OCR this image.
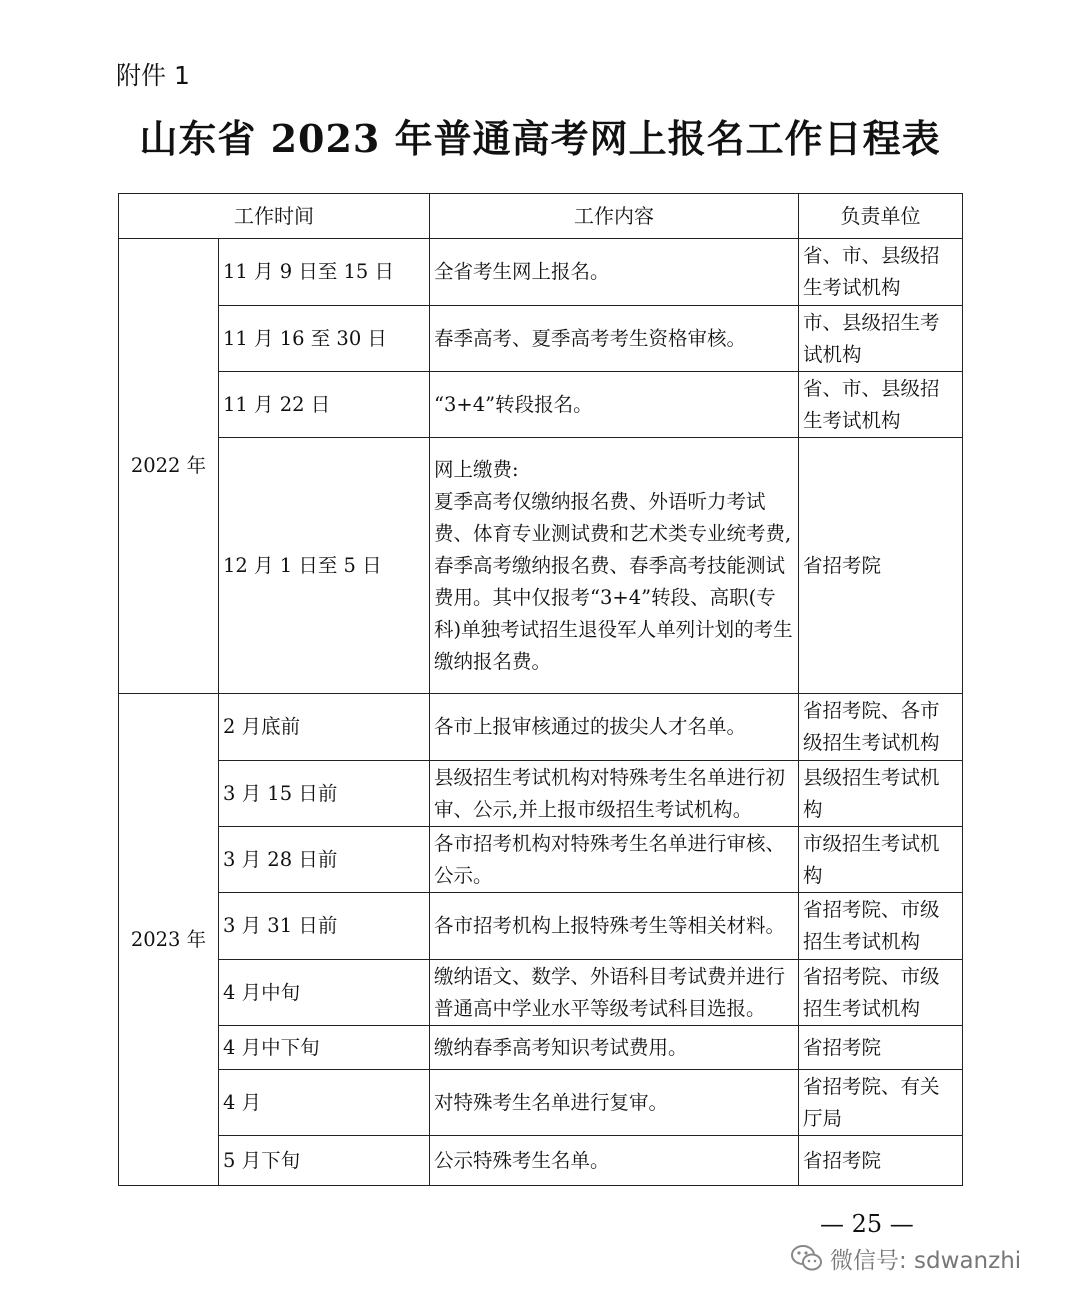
附件 1
山东省 2023 年普通高考网上报名工作日程表
工作时间		工作内容	负责单位
2022 年	11 月 9 日至 15 日	全省考生网上报名。	省、市、县级招生考试机构
	11 月 16 至 30 日	春季高考、夏季高考考生资格审核。	市、县级招生考试机构
	11 月 22 日	“3+4”转段报名。	省、市、县级招生考试机构
	12 月 1 日至 5 日	网上缴费:
夏季高考仅缴纳报名费、外语听力考试费、体育专业测试费和艺术类专业统考费,
春季高考缴纳报名费、春季高考技能测试费用。其中仅报考“3+4”转段、高职(专科)单独考试招生退役军人单列计划的考生缴纳报名费。	省招考院
2023 年	2 月底前	各市上报审核通过的拔尖人才名单。	省招考院、各市级招生考试机构
	3 月 15 日前	县级招生考试机构对特殊考生名单进行初审、公示,并上报市级招生考试机构。	县级招生考试机构
	3 月 28 日前	各市招考机构对特殊考生名单进行审核、公示。	市级招生考试机构
	3 月 31 日前	各市招考机构上报特殊考生等相关材料。	省招考院、市级招生考试机构
	4 月中旬	缴纳语文、数学、外语科目考试费并进行普通高中学业水平等级考试科目选报。	省招考院、市级招生考试机构
	4 月中下旬	缴纳春季高考知识考试费用。	省招考院
	4 月	对特殊考生名单进行复审。	省招考院、有关厅局
	5 月下旬	公示特殊考生名单。	省招考院
— 25 —
微信号: sdwanzhi
